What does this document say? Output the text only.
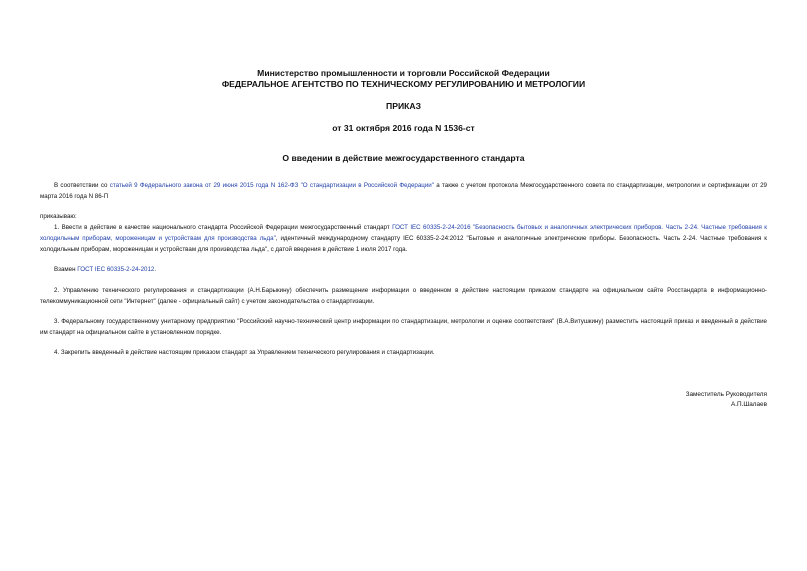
Министерство промышленности и торговли Российской Федерации
ФЕДЕРАЛЬНОЕ АГЕНТСТВО ПО ТЕХНИЧЕСКОМУ РЕГУЛИРОВАНИЮ И МЕТРОЛОГИИ
ПРИКАЗ
от 31 октября 2016 года N 1536-ст
О введении в действие межгосударственного стандарта
В соответствии со статьей 9 Федерального закона от 29 июня 2015 года N 162-ФЗ "О стандартизации в Российской Федерации" а также с учетом протокола Межгосударственного совета по стандартизации, метрологии и сертификации от 29 марта 2016 года N 86-П
приказываю:
1. Ввести в действие в качестве национального стандарта Российской Федерации межгосударственный стандарт ГОСТ IEC 60335-2-24-2016 "Безопасность бытовых и аналогичных электрических приборов. Часть 2-24. Частные требования к холодильным приборам, мороженицам и устройствам для производства льда", идентичный международному стандарту IEC 60335-2-24:2012 "Бытовые и аналогичные электрические приборы. Безопасность. Часть 2-24. Частные требования к холодильным приборам, мороженицам и устройствам для производства льда", с датой введения в действие 1 июля 2017 года.
Взамен ГОСТ IEC 60335-2-24-2012.
2. Управлению технического регулирования и стандартизации (А.Н.Барыкину) обеспечить размещение информации о введенном в действие настоящим приказом стандарте на официальном сайте Росстандарта в информационно-телекоммуникационной сети "Интернет" (далее - официальный сайт) с учетом законодательства о стандартизации.
3. Федеральному государственному унитарному предприятию "Российский научно-технический центр информации по стандартизации, метрологии и оценке соответствия" (В.А.Витушкину) разместить настоящий приказ и введенный в действие им стандарт на официальном сайте в установленном порядке.
4. Закрепить введенный в действие настоящим приказом стандарт за Управлением технического регулирования и стандартизации.
Заместитель Руководителя
А.П.Шалаев
